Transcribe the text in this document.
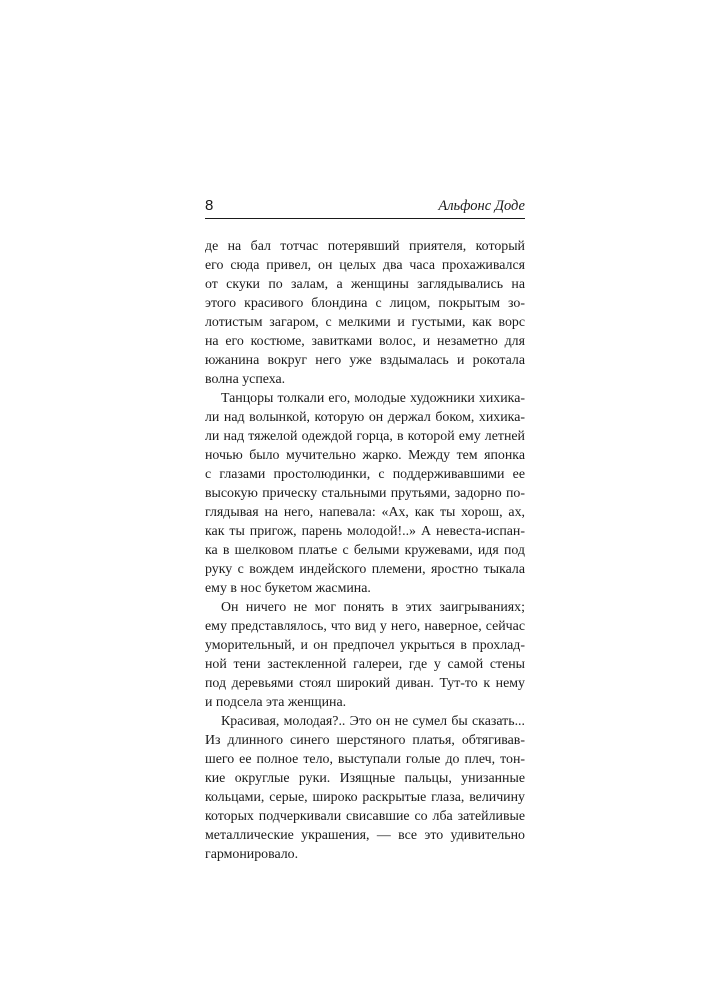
8	Альфонс Доде
де на бал тотчас потерявший приятеля, который
его сюда привел, он целых два часа прохаживался
от скуки по залам, а женщины заглядывались на
этого красивого блондина с лицом, покрытым зо-
лотистым загаром, с мелкими и густыми, как ворс
на его костюме, завитками волос, и незаметно для
южанина вокруг него уже вздымалась и рокотала
волна успеха.
Танцоры толкали его, молодые художники хихика-
ли над волынкой, которую он держал боком, хихика-
ли над тяжелой одеждой горца, в которой ему летней
ночью было мучительно жарко. Между тем японка
с глазами простолюдинки, с поддерживавшими ее
высокую прическу стальными прутьями, задорно по-
глядывая на него, напевала: «Ах, как ты хорош, ах,
как ты пригож, парень молодой!..» А невеста-испан-
ка в шелковом платье с белыми кружевами, идя под
руку с вождем индейского племени, яростно тыкала
ему в нос букетом жасмина.
Он ничего не мог понять в этих заигрываниях;
ему представлялось, что вид у него, наверное, сейчас
уморительный, и он предпочел укрыться в прохлад-
ной тени застекленной галереи, где у самой стены
под деревьями стоял широкий диван. Тут-то к нему
и подсела эта женщина.
Красивая, молодая?.. Это он не сумел бы сказать...
Из длинного синего шерстяного платья, обтягивав-
шего ее полное тело, выступали голые до плеч, тон-
кие округлые руки. Изящные пальцы, унизанные
кольцами, серые, широко раскрытые глаза, величину
которых подчеркивали свисавшие со лба затейливые
металлические украшения, — все это удивительно
гармонировало.
